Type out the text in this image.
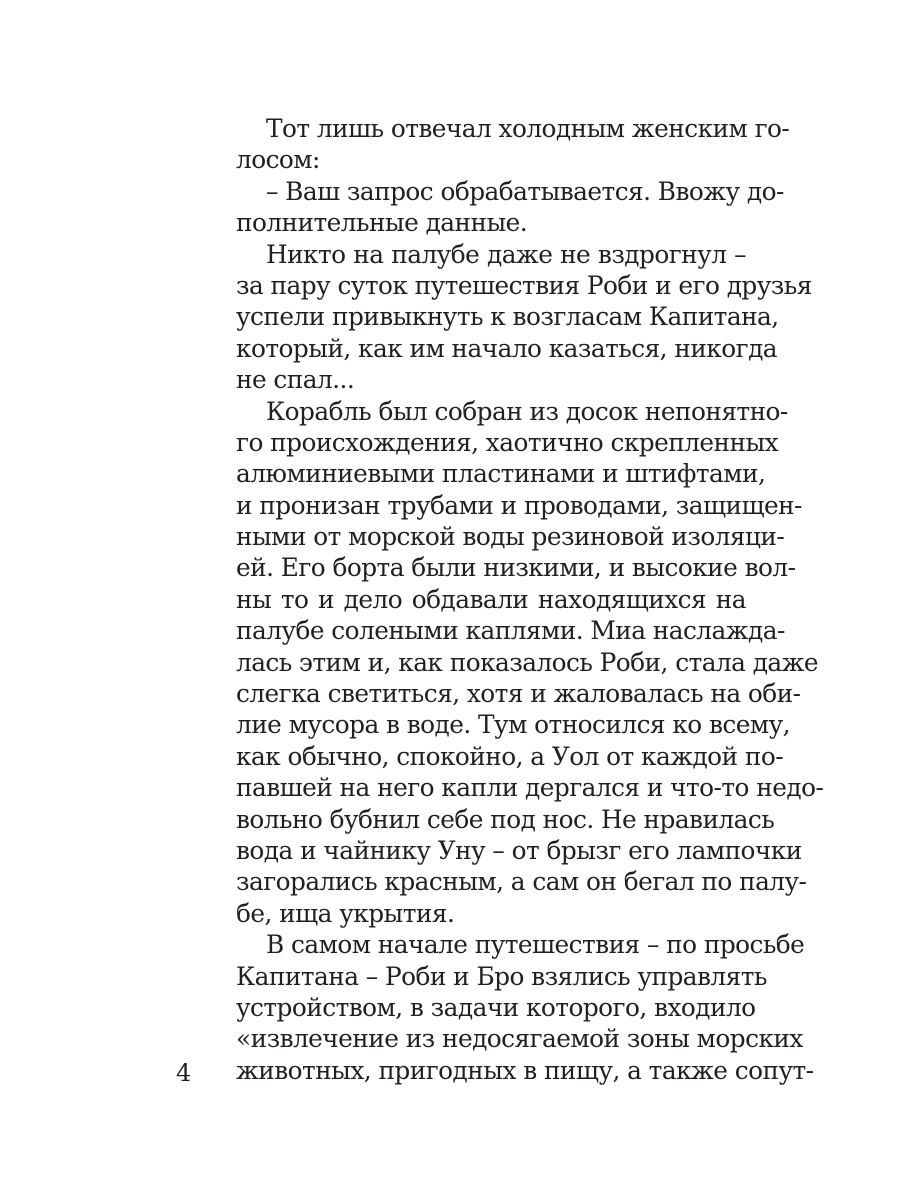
Тот лишь отвечал холодным женским го-
лосом:
– Ваш запрос обрабатывается. Ввожу до-
полнительные данные.
Никто на палубе даже не вздрогнул –
за пару суток путешествия Роби и его друзья
успели привыкнуть к возгласам Капитана,
который, как им начало казаться, никогда
не спал...
Корабль был собран из досок непонятно-
го происхождения, хаотично скрепленных
алюминиевыми пластинами и штифтами,
и пронизан трубами и проводами, защищен-
ными от морской воды резиновой изоляци-
ей. Его борта были низкими, и высокие вол-
ны то и дело обдавали находящихся на
палубе солеными каплями. Миа наслажда-
лась этим и, как показалось Роби, стала даже
слегка светиться, хотя и жаловалась на оби-
лие мусора в воде. Тум относился ко всему,
как обычно, спокойно, а Уол от каждой по-
павшей на него капли дергался и что-то недо-
вольно бубнил себе под нос. Не нравилась
вода и чайнику Уну – от брызг его лампочки
загорались красным, а сам он бегал по палу-
бе, ища укрытия.
В самом начале путешествия – по просьбе
Капитана – Роби и Бро взялись управлять
устройством, в задачи которого, входило
«извлечение из недосягаемой зоны морских
животных, пригодных в пищу, а также сопут-
4
